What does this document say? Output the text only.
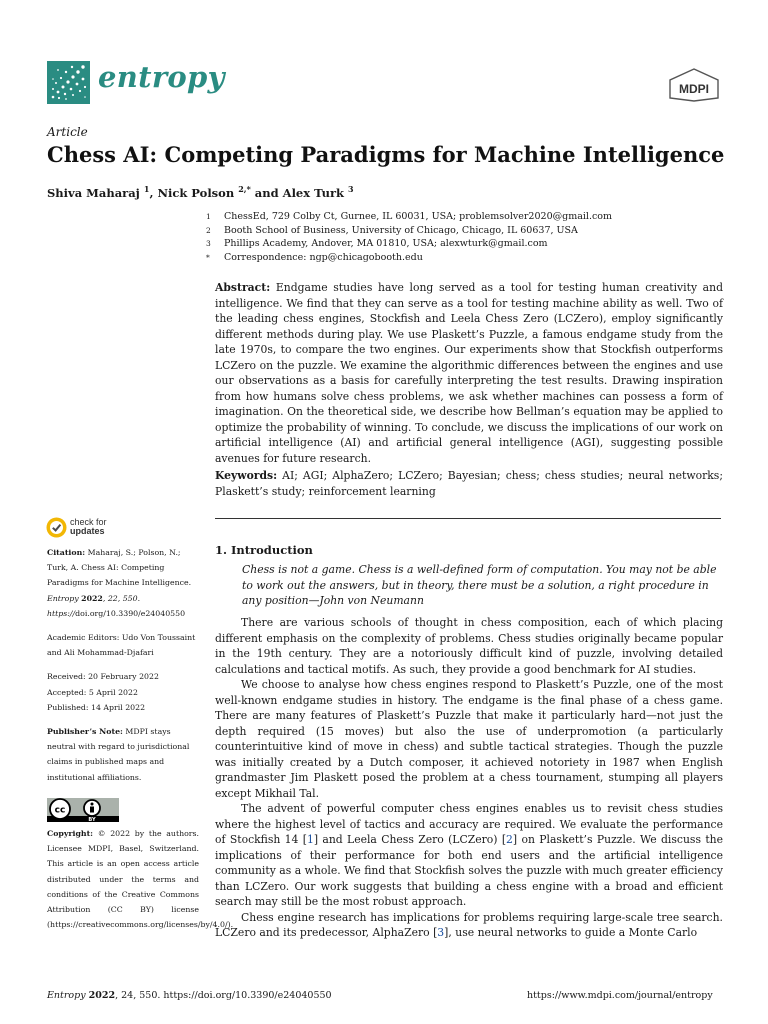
entropy	MDPI
Article
Chess AI: Competing Paradigms for Machine Intelligence
Shiva Maharaj $^1$, Nick Polson $^{2,*}$ and Alex Turk $^3$
1	ChessEd, 729 Colby Ct, Gurnee, IL 60031, USA; problemsolver2020@gmail.com
2	Booth School of Business, University of Chicago, Chicago, IL 60637, USA
3	Phillips Academy, Andover, MA 01810, USA; alexwturk@gmail.com
*	Correspondence: ngp@chicagobooth.edu
Abstract: Endgame studies have long served as a tool for testing human creativity and intelligence. We find that they can serve as a tool for testing machine ability as well. Two of the leading chess engines, Stockfish and Leela Chess Zero (LCZero), employ significantly different methods during play. We use Plaskett’s Puzzle, a famous endgame study from the late 1970s, to compare the two engines. Our experiments show that Stockfish outperforms LCZero on the puzzle. We examine the algorithmic differences between the engines and use our observations as a basis for carefully interpreting the test results. Drawing inspiration from how humans solve chess problems, we ask whether machines can possess a form of imagination. On the theoretical side, we describe how Bellman’s equation may be applied to optimize the probability of winning. To conclude, we discuss the implications of our work on artificial intelligence (AI) and artificial general intelligence (AGI), suggesting possible avenues for future research.
Keywords: AI; AGI; AlphaZero; LCZero; Bayesian; chess; chess studies; neural networks; Plaskett’s study; reinforcement learning
1. Introduction
Chess is not a game. Chess is a well-defined form of computation. You may not be able to work out the answers, but in theory, there must be a solution, a right procedure in any position—John von Neumann

There are various schools of thought in chess composition, each of which placing different emphasis on the complexity of problems. Chess studies originally became popular in the 19th century. They are a notoriously difficult kind of puzzle, involving detailed calculations and tactical motifs. As such, they provide a good benchmark for AI studies.

We choose to analyse how chess engines respond to Plaskett’s Puzzle, one of the most well-known endgame studies in history. The endgame is the final phase of a chess game. There are many features of Plaskett’s Puzzle that make it particularly hard—not just the depth required (15 moves) but also the use of underpromotion (a particularly counterintuitive kind of move in chess) and subtle tactical strategies. Though the puzzle was initially created by a Dutch composer, it achieved notoriety in 1987 when English grandmaster Jim Plaskett posed the problem at a chess tournament, stumping all players except Mikhail Tal.

The advent of powerful computer chess engines enables us to revisit chess studies where the highest level of tactics and accuracy are required. We evaluate the performance of Stockfish 14 [1] and Leela Chess Zero (LCZero) [2] on Plaskett’s Puzzle. We discuss the implications of their performance for both end users and the artificial intelligence community as a whole. We find that Stockfish solves the puzzle with much greater efficiency than LCZero. Our work suggests that building a chess engine with a broad and efficient search may still be the most robust approach.

Chess engine research has implications for problems requiring large-scale tree search. LCZero and its predecessor, AlphaZero [3], use neural networks to guide a Monte Carlo

check for
updates

Citation: Maharaj, S.; Polson, N.; Turk, A. Chess AI: Competing Paradigms for Machine Intelligence. Entropy 2022, 22, 550. https://doi.org/10.3390/e24040550

Academic Editors: Udo Von Toussaint and Ali Mohammad-Djafari

Received: 20 February 2022

Accepted: 5 April 2022

Published: 14 April 2022

Publisher’s Note: MDPI stays neutral with regard to jurisdictional claims in published maps and institutional affiliations.

cc
BY
Copyright: © 2022 by the authors. Licensee MDPI, Basel, Switzerland. This article is an open access article distributed under the terms and conditions of the Creative Commons Attribution (CC BY) license (https://creativecommons.org/licenses/by/4.0/).
Entropy 2022, 24, 550. https://doi.org/10.3390/e24040550	https://www.mdpi.com/journal/entropy
